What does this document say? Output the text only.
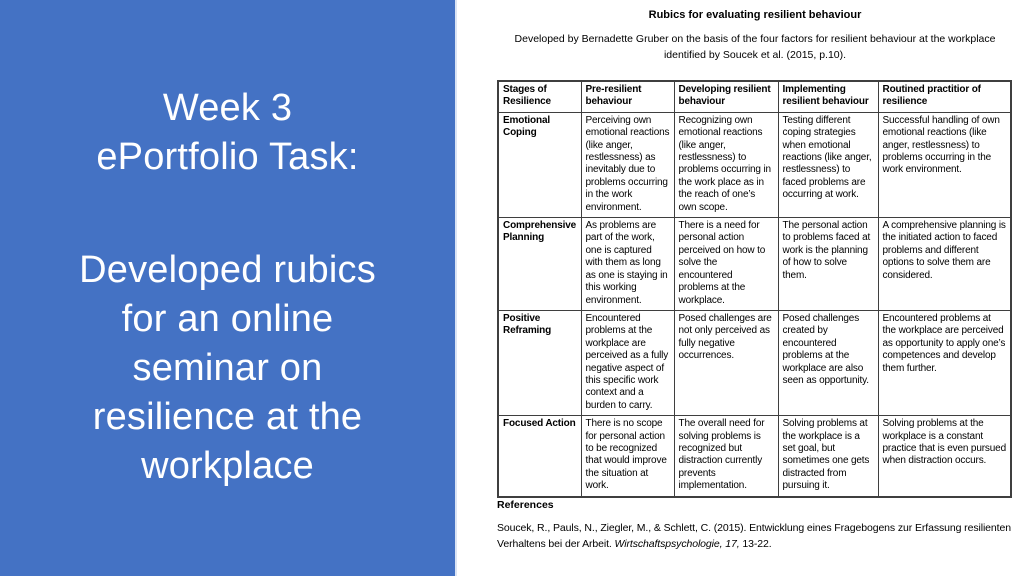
Week 3
ePortfolio Task:
Developed rubics
for an online
seminar on
resilience at the
workplace
Rubics for evaluating resilient behaviour
Developed by Bernadette Gruber on the basis of the four factors for resilient behaviour at the workplace identified by Soucek et al. (2015, p.10).
Stages of Resilience	Pre-resilient behaviour	Developing resilient behaviour	Implementing resilient behaviour	Routined practitior of resilience
Emotional Coping	Perceiving own emotional reactions (like anger, restlessness) as inevitably due to problems occurring in the work environment.	Recognizing own emotional reactions (like anger, restlessness) to problems occurring in the work place as in the reach of one’s own scope.	Testing different coping strategies when emotional reactions (like anger, restlessness) to faced problems are occurring at work.	Successful handling of own emotional reactions (like anger, restlessness) to problems occurring in the work environment.
Comprehensive Planning	As problems are part of the work, one is captured with them as long as one is staying in this working environment.	There is a need for personal action perceived on how to solve the encountered problems at the workplace.	The personal action to problems faced at work is the planning of how to solve them.	A comprehensive planning is the initiated action to faced problems and different options to solve them are considered.
Positive Reframing	Encountered problems at the workplace are perceived as a fully negative aspect of this specific work context and a burden to carry.	Posed challenges are not only perceived as fully negative occurrences.	Posed challenges created by encountered problems at the workplace are also seen as opportunity.	Encountered problems at the workplace are perceived as opportunity to apply one’s competences and develop them further.
Focused Action	There is no scope for personal action to be recognized that would improve the situation at work.	The overall need for solving problems is recognized but distraction currently prevents implementation.	Solving problems at the workplace is a set goal, but sometimes one gets distracted from pursuing it.	Solving problems at the workplace is a constant practice that is even pursued when distraction occurs.
References
Soucek, R., Pauls, N., Ziegler, M., & Schlett, C. (2015). Entwicklung eines Fragebogens zur Erfassung resilienten Verhaltens bei der Arbeit. Wirtschaftspsychologie, 17, 13-22.
